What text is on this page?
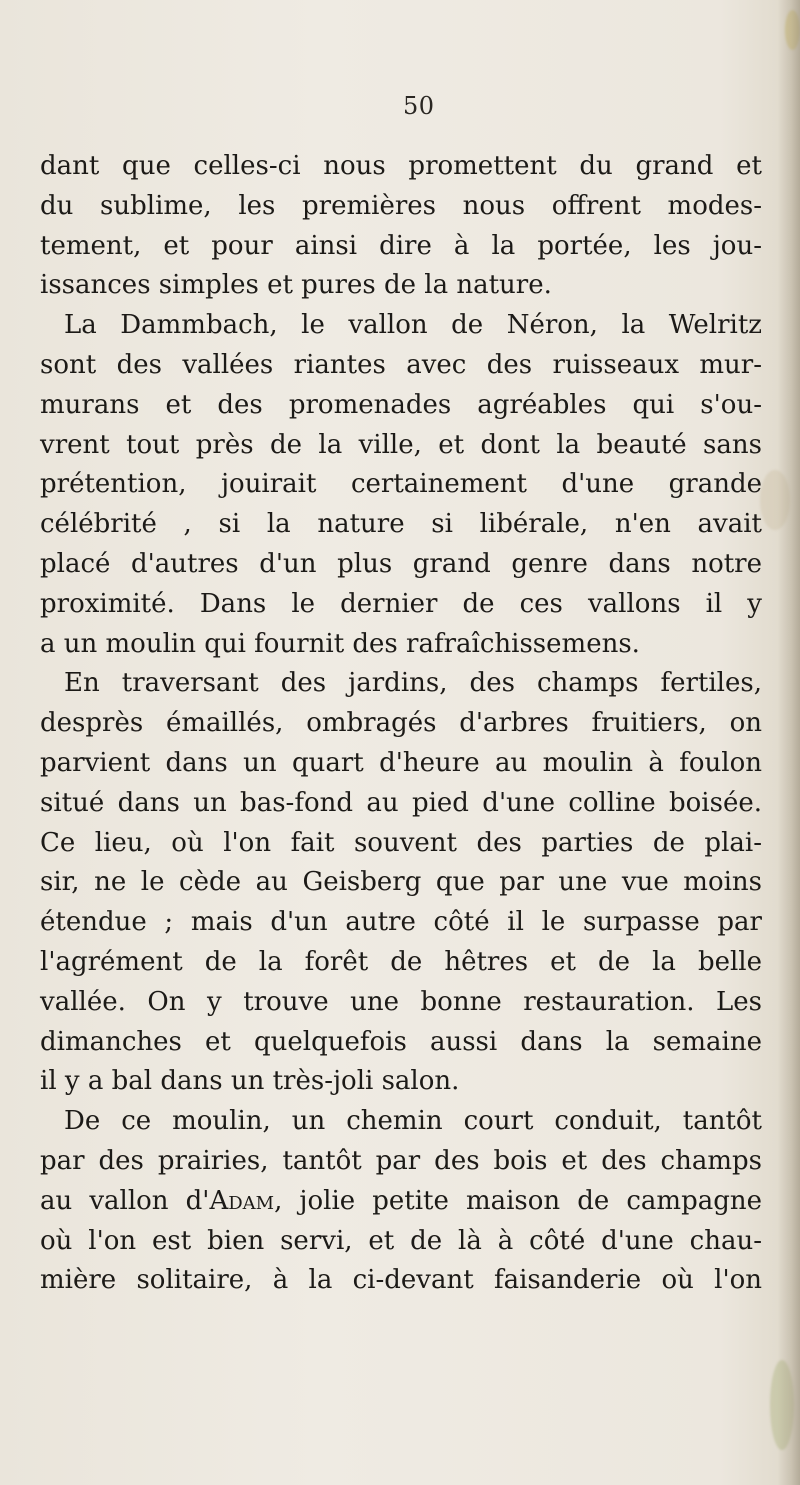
50
dant que celles-ci nous promettent du grand et
du sublime, les premières nous offrent modes-
tement, et pour ainsi dire à la portée, les jou-
issances simples et pures de la nature.
La Dammbach, le vallon de Néron, la Welritz
sont des vallées riantes avec des ruisseaux mur-
murans et des promenades agréables qui s'ou-
vrent tout près de la ville, et dont la beauté sans
prétention, jouirait certainement d'une grande
célébrité , si la nature si libérale, n'en avait
placé d'autres d'un plus grand genre dans notre
proximité. Dans le dernier de ces vallons il y
a un moulin qui fournit des rafraîchissemens.
En traversant des jardins, des champs fertiles,
desprès émaillés, ombragés d'arbres fruitiers, on
parvient dans un quart d'heure au moulin à foulon
situé dans un bas-fond au pied d'une colline boisée.
Ce lieu, où l'on fait souvent des parties de plai-
sir, ne le cède au Geisberg que par une vue moins
étendue ; mais d'un autre côté il le surpasse par
l'agrément de la forêt de hêtres et de la belle
vallée. On y trouve une bonne restauration. Les
dimanches et quelquefois aussi dans la semaine
il y a bal dans un très-joli salon.
De ce moulin, un chemin court conduit, tantôt
par des prairies, tantôt par des bois et des champs
au vallon d'Adam, jolie petite maison de campagne
où l'on est bien servi, et de là à côté d'une chau-
mière solitaire, à la ci-devant faisanderie où l'on
